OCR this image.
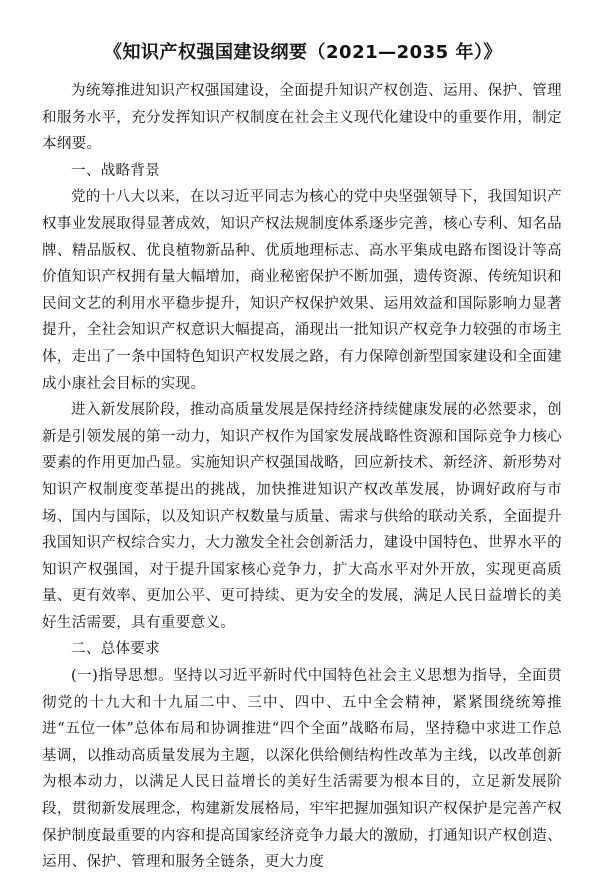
《知识产权强国建设纲要（2021—2035 年）》

为统筹推进知识产权强国建设，全面提升知识产权创造、运用、保护、管理和服务水平，充分发挥知识产权制度在社会主义现代化建设中的重要作用，制定本纲要。

一、战略背景

党的十八大以来，在以习近平同志为核心的党中央坚强领导下，我国知识产权事业发展取得显著成效，知识产权法规制度体系逐步完善，核心专利、知名品牌、精品版权、优良植物新品种、优质地理标志、高水平集成电路布图设计等高价值知识产权拥有量大幅增加，商业秘密保护不断加强，遗传资源、传统知识和民间文艺的利用水平稳步提升，知识产权保护效果、运用效益和国际影响力显著提升，全社会知识产权意识大幅提高，涌现出一批知识产权竞争力较强的市场主体，走出了一条中国特色知识产权发展之路，有力保障创新型国家建设和全面建成小康社会目标的实现。

进入新发展阶段，推动高质量发展是保持经济持续健康发展的必然要求，创新是引领发展的第一动力，知识产权作为国家发展战略性资源和国际竞争力核心要素的作用更加凸显。实施知识产权强国战略，回应新技术、新经济、新形势对知识产权制度变革提出的挑战，加快推进知识产权改革发展，协调好政府与市场、国内与国际，以及知识产权数量与质量、需求与供给的联动关系，全面提升我国知识产权综合实力，大力激发全社会创新活力，建设中国特色、世界水平的知识产权强国，对于提升国家核心竞争力，扩大高水平对外开放，实现更高质量、更有效率、更加公平、更可持续、更为安全的发展，满足人民日益增长的美好生活需要，具有重要意义。

二、总体要求

(一)指导思想。坚持以习近平新时代中国特色社会主义思想为指导，全面贯彻党的十九大和十九届二中、三中、四中、五中全会精神，紧紧围绕统筹推进“五位一体”总体布局和协调推进“四个全面”战略布局，坚持稳中求进工作总基调，以推动高质量发展为主题，以深化供给侧结构性改革为主线，以改革创新为根本动力，以满足人民日益增长的美好生活需要为根本目的，立足新发展阶段，贯彻新发展理念，构建新发展格局，牢牢把握加强知识产权保护是完善产权保护制度最重要的内容和提高国家经济竞争力最大的激励，打通知识产权创造、运用、保护、管理和服务全链条，更大力度
